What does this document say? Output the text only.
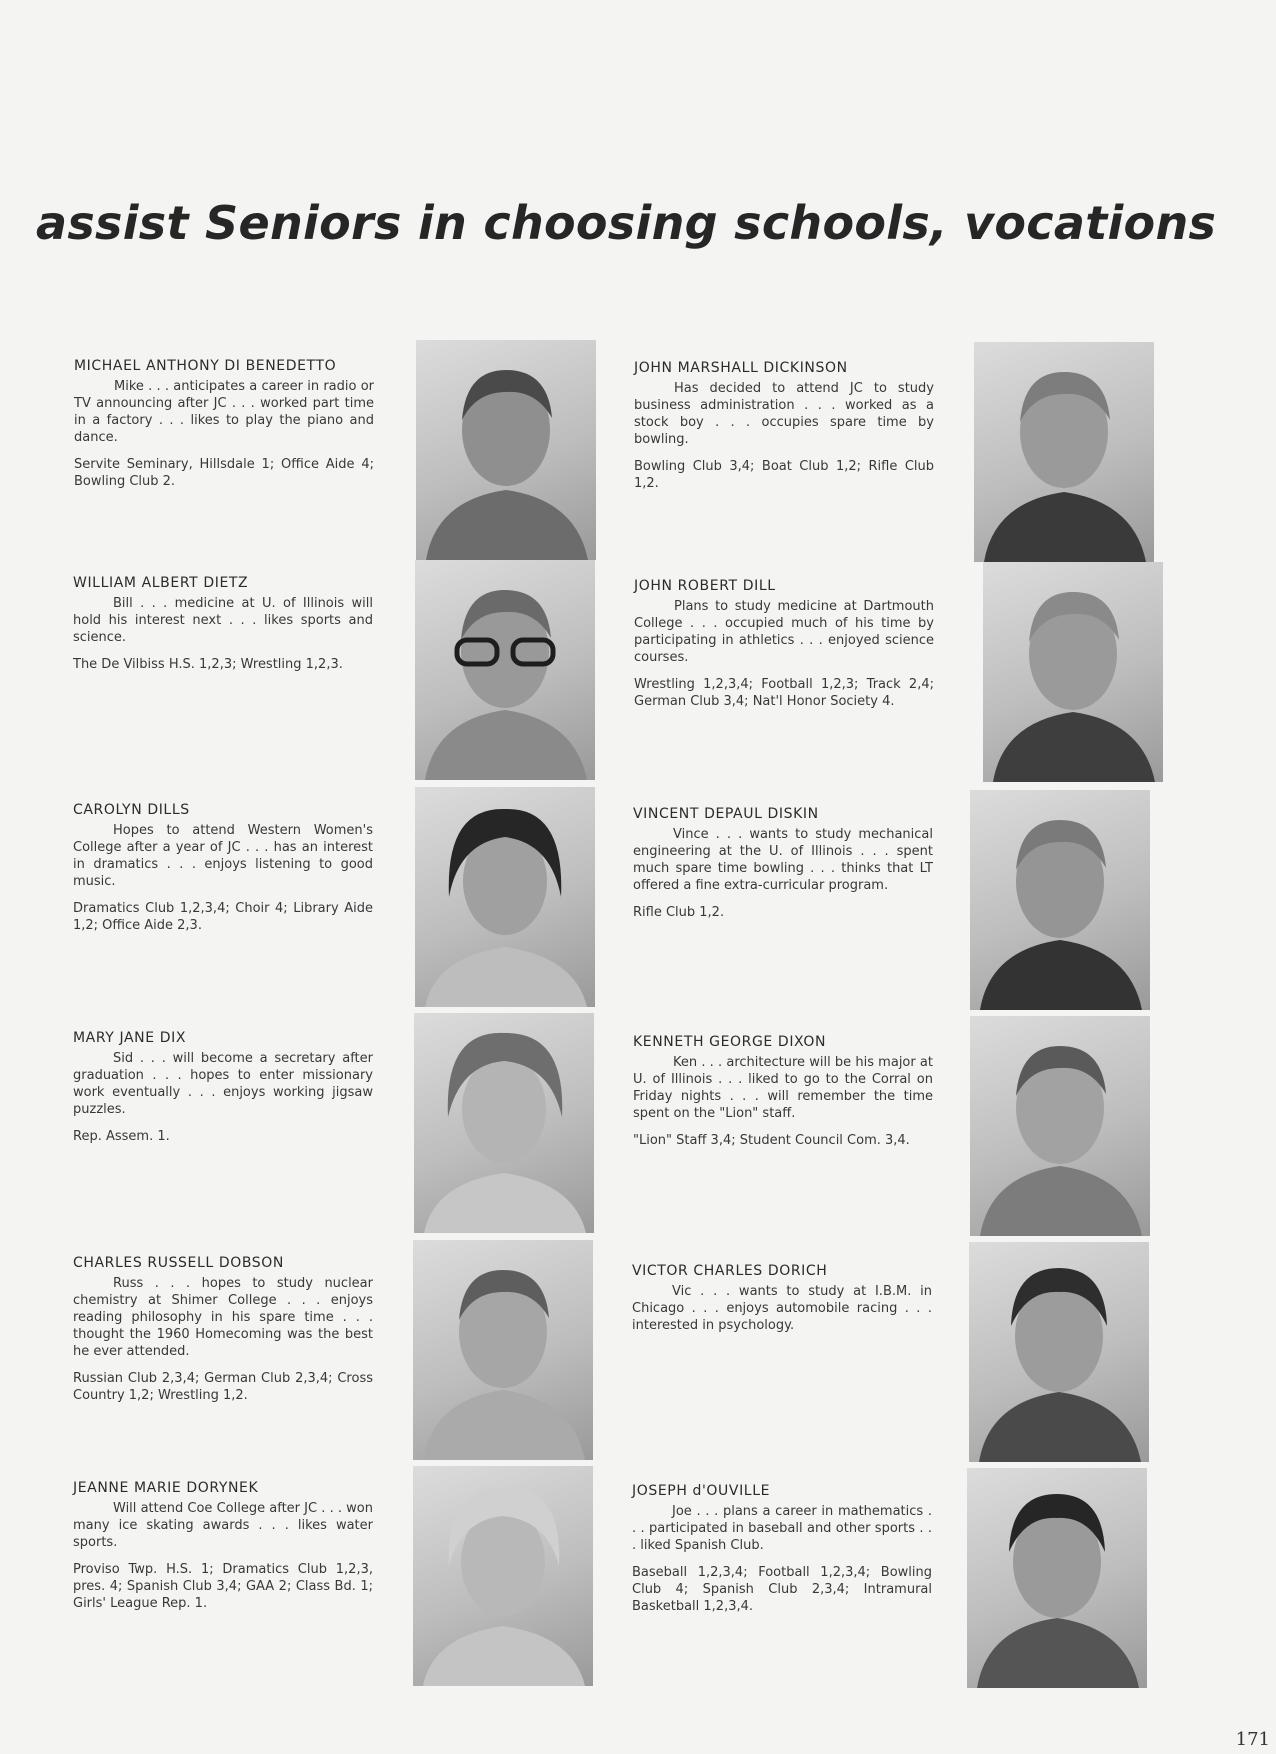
assist Seniors in choosing schools, vocations

MICHAEL ANTHONY DI BENEDETTO

Mike . . . anticipates a career in radio or TV announcing after JC . . . worked part time in a factory . . . likes to play the piano and dance.

Servite Seminary, Hillsdale 1; Office Aide 4; Bowling Club 2.

JOHN MARSHALL DICKINSON

Has decided to attend JC to study business administration . . . worked as a stock boy . . . occupies spare time by bowling.

Bowling Club 3,4; Boat Club 1,2; Rifle Club 1,2.

WILLIAM ALBERT DIETZ

Bill . . . medicine at U. of Illinois will hold his interest next . . . likes sports and science.

The De Vilbiss H.S. 1,2,3; Wrestling 1,2,3.

JOHN ROBERT DILL

Plans to study medicine at Dartmouth College . . . occupied much of his time by participating in athletics . . . enjoyed science courses.

Wrestling 1,2,3,4; Football 1,2,3; Track 2,4; German Club 3,4; Nat'l Honor Society 4.

CAROLYN DILLS

Hopes to attend Western Women's College after a year of JC . . . has an interest in dramatics . . . enjoys listening to good music.

Dramatics Club 1,2,3,4; Choir 4; Library Aide 1,2; Office Aide 2,3.

VINCENT DEPAUL DISKIN

Vince . . . wants to study mechanical engineering at the U. of Illinois . . . spent much spare time bowling . . . thinks that LT offered a fine extra-curricular program.

Rifle Club 1,2.

MARY JANE DIX

Sid . . . will become a secretary after graduation . . . hopes to enter missionary work eventually . . . enjoys working jigsaw puzzles.

Rep. Assem. 1.

KENNETH GEORGE DIXON

Ken . . . architecture will be his major at U. of Illinois . . . liked to go to the Corral on Friday nights . . . will remember the time spent on the "Lion" staff.

"Lion" Staff 3,4; Student Council Com. 3,4.

CHARLES RUSSELL DOBSON

Russ . . . hopes to study nuclear chemistry at Shimer College . . . enjoys reading philosophy in his spare time . . . thought the 1960 Homecoming was the best he ever attended.

Russian Club 2,3,4; German Club 2,3,4; Cross Country 1,2; Wrestling 1,2.

VICTOR CHARLES DORICH

Vic . . . wants to study at I.B.M. in Chicago . . . enjoys automobile racing . . . interested in psychology.

JEANNE MARIE DORYNEK

Will attend Coe College after JC . . . won many ice skating awards . . . likes water sports.

Proviso Twp. H.S. 1; Dramatics Club 1,2,3, pres. 4; Spanish Club 3,4; GAA 2; Class Bd. 1; Girls' League Rep. 1.

JOSEPH d'OUVILLE

Joe . . . plans a career in mathematics . . . participated in baseball and other sports . . . liked Spanish Club.

Baseball 1,2,3,4; Football 1,2,3,4; Bowling Club 4; Spanish Club 2,3,4; Intramural Basketball 1,2,3,4.

171
